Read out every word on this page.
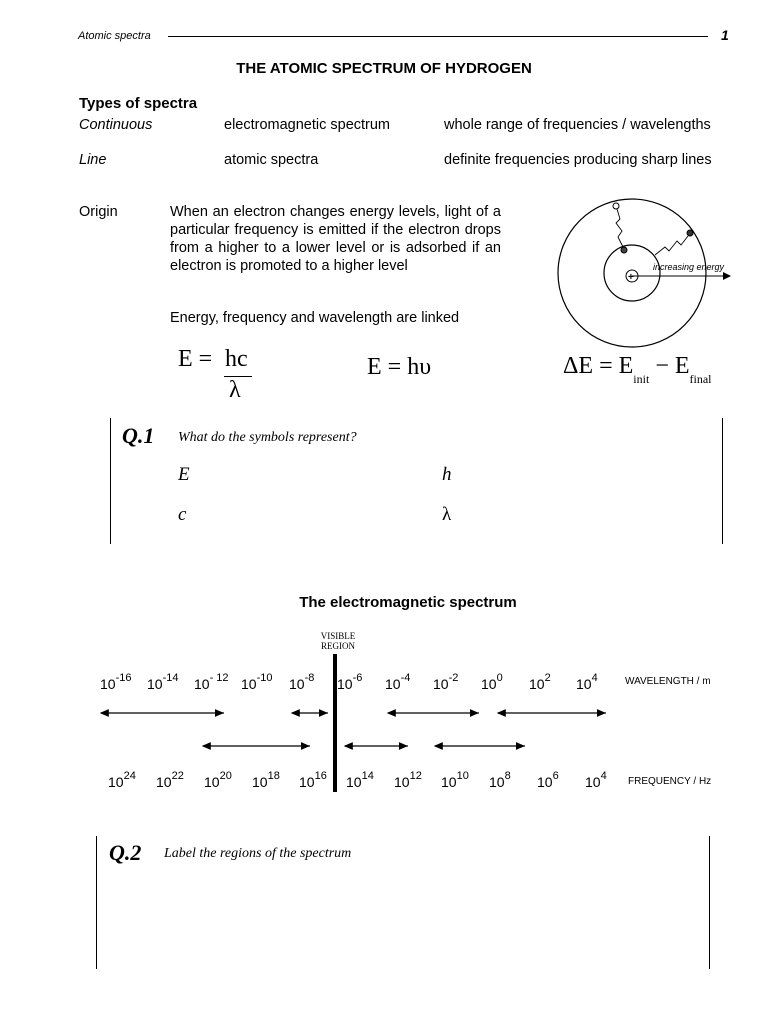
Atomic spectra	1
THE ATOMIC SPECTRUM OF HYDROGEN
Types of spectra
Continuous	electromagnetic spectrum	whole range of frequencies / wavelengths
Line	atomic spectra	definite frequencies producing sharp lines
Origin	When an electron changes energy levels, light of a particular frequency is emitted if the electron drops from a higher to a lower level or is adsorbed if an electron is promoted to a higher level
Energy, frequency and wavelength are linked
+
increasing energy
E = hc
λ
E = hυ	$\Delta E = E_{init} - E_{final}$
Q.1 What do the symbols represent?
E	h
c	λ
The electromagnetic spectrum
VISIBLE
REGION
$10^{-16}$ $10^{-14}$ $10^{- 12}$ $10^{-10}$ $10^{-8}$ $10^{-6}$ $10^{-4}$ $10^{-2}$ $10^0$ $10^2$ $10^4$
$10^{24}$ $10^{22}$ $10^{20}$ $10^{18}$ $10^{16}$ $10^{14}$ $10^{12}$ $10^{10}$ $10^8$ $10^6$ $10^4$
WAVELENGTH / m
FREQUENCY / Hz
Q.2 Label the regions of the spectrum
